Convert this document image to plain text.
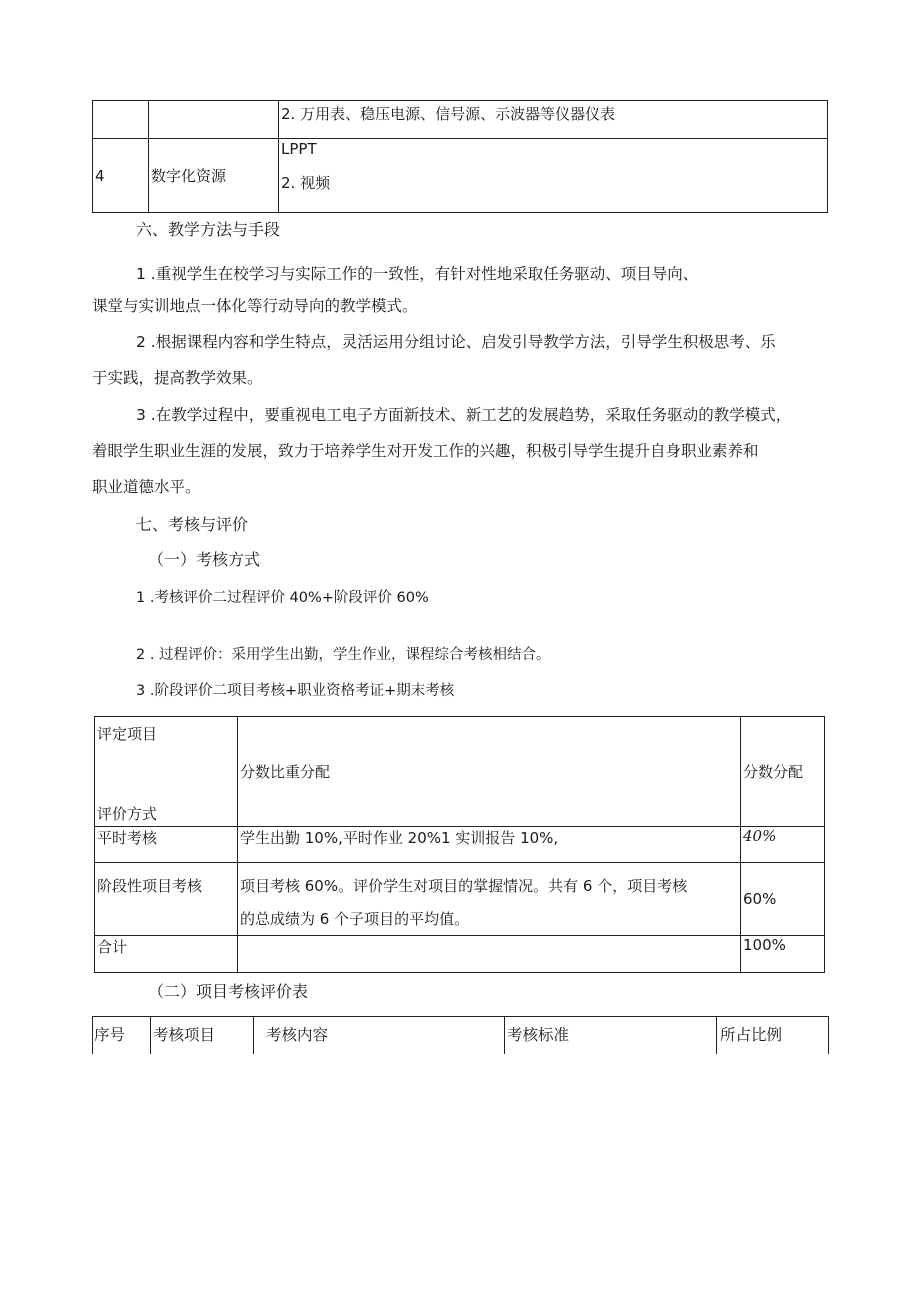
		2. 万用表、稳压电源、信号源、示波器等仪器仪表
4	数字化资源	LPPT
2. 视频
六、教学方法与手段
1 .重视学生在校学习与实际工作的一致性，有针对性地采取任务驱动、项目导向、
课堂与实训地点一体化等行动导向的教学模式。
2 .根据课程内容和学生特点，灵活运用分组讨论、启发引导教学方法，引导学生积极思考、乐
于实践，提高教学效果。
3 .在教学过程中，要重视电工电子方面新技术、新工艺的发展趋势，采取任务驱动的教学模式，
着眼学生职业生涯的发展，致力于培养学生对开发工作的兴趣，积极引导学生提升自身职业素养和
职业道德水平。
七、考核与评价
（一）考核方式
1 .考核评价二过程评价 40%+阶段评价 60%
2 . 过程评价：采用学生出勤，学生作业，课程综合考核相结合。
3 .阶段评价二项目考核+职业资格考证+期末考核
评定项目
评价方式	分数比重分配	分数分配
平时考核	学生出勤 10%,平时作业 20%1 实训报告 10%,	40%
阶段性项目考核	项目考核 60%。评价学生对项目的掌握情况。共有 6 个，项目考核
的总成绩为 6 个子项目的平均值。	60%
合计		100%
（二）项目考核评价表
序号 考核项目	考核内容	考核标准	所占比例
